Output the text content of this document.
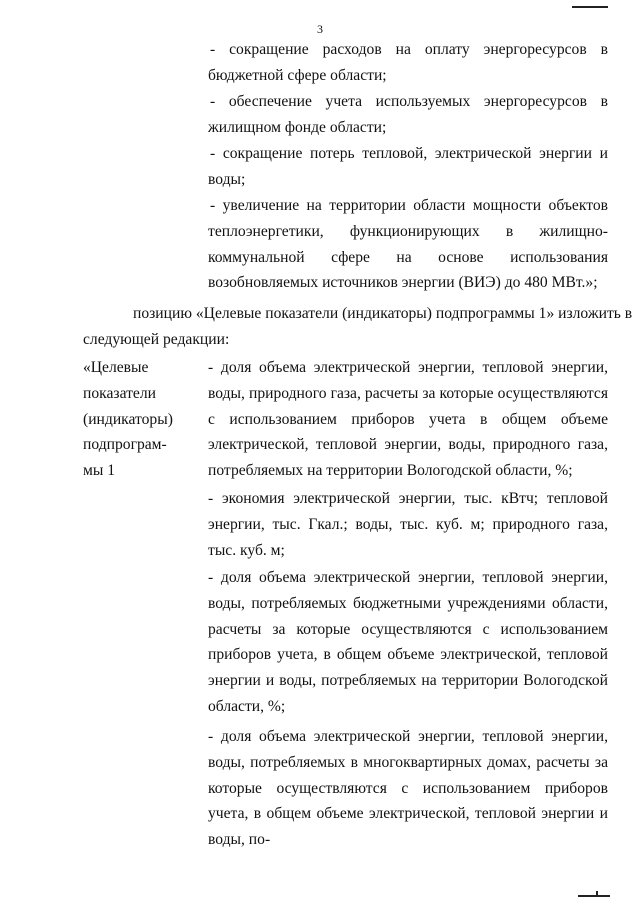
3

- сокращение расходов на оплату энергоресурсов в бюджетной сфере области;

- обеспечение учета используемых энергоресурсов в жилищном фонде области;

- сокращение потерь тепловой, электрической энергии и воды;

- увеличение на территории области мощности объектов теплоэнергетики, функционирующих в жилищно-коммунальной сфере на основе использования возобновляемых источников энергии (ВИЭ) до 480 МВт.»;

позицию «Целевые показатели (индикаторы) подпрограммы 1» изложить в
следующей редакции:

«Целевые показатели (индикаторы) подпрограм-
мы 1

- доля объема электрической энергии, тепловой энергии, воды, природного газа, расчеты за которые осуществляются с использованием приборов учета в общем объеме электрической, тепловой энергии, воды, природного газа, потребляемых на территории Вологодской области, %;

- экономия электрической энергии, тыс. кВтч; тепловой энергии, тыс. Гкал.; воды, тыс. куб. м; природного газа, тыс. куб. м;

- доля объема электрической энергии, тепловой энергии, воды, потребляемых бюджетными учреждениями области, расчеты за которые осуществляются с использованием приборов учета, в общем объеме электрической, тепловой энергии и воды, потребляемых на территории Вологодской области, %;

- доля объема электрической энергии, тепловой энергии, воды, потребляемых в многоквартирных домах, расчеты за которые осуществляются с использованием приборов учета, в общем объеме электрической, тепловой энергии и воды, по-
